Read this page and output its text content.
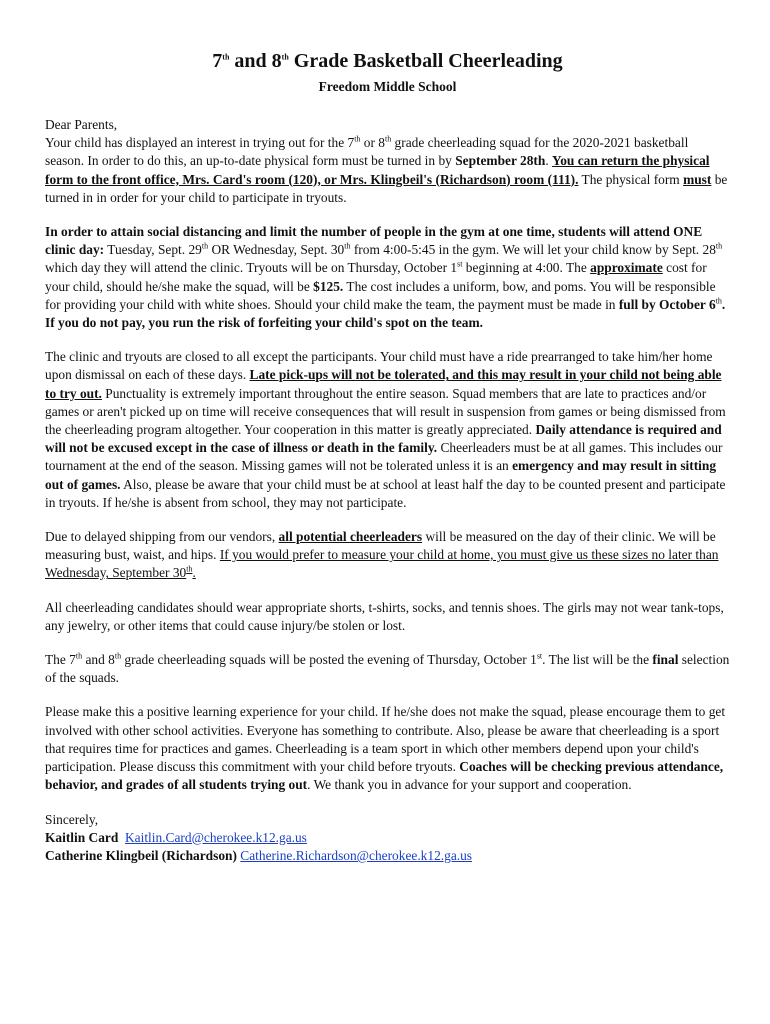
7th and 8th Grade Basketball Cheerleading
Freedom Middle School

Dear Parents,

Your child has displayed an interest in trying out for the 7th or 8th grade cheerleading squad for the 2020-2021 basketball season. In order to do this, an up-to-date physical form must be turned in by September 28th. You can return the physical form to the front office, Mrs. Card's room (120), or Mrs. Klingbeil's (Richardson) room (111). The physical form must be turned in in order for your child to participate in tryouts.

In order to attain social distancing and limit the number of people in the gym at one time, students will attend ONE clinic day: Tuesday, Sept. 29th OR Wednesday, Sept. 30th from 4:00-5:45 in the gym. We will let your child know by Sept. 28th which day they will attend the clinic. Tryouts will be on Thursday, October 1st beginning at 4:00. The approximate cost for your child, should he/she make the squad, will be $125. The cost includes a uniform, bow, and poms. You will be responsible for providing your child with white shoes. Should your child make the team, the payment must be made in full by October 6th. If you do not pay, you run the risk of forfeiting your child's spot on the team.

The clinic and tryouts are closed to all except the participants. Your child must have a ride prearranged to take him/her home upon dismissal on each of these days. Late pick-ups will not be tolerated, and this may result in your child not being able to try out. Punctuality is extremely important throughout the entire season. Squad members that are late to practices and/or games or aren't picked up on time will receive consequences that will result in suspension from games or being dismissed from the cheerleading program altogether. Your cooperation in this matter is greatly appreciated. Daily attendance is required and will not be excused except in the case of illness or death in the family. Cheerleaders must be at all games. This includes our tournament at the end of the season. Missing games will not be tolerated unless it is an emergency and may result in sitting out of games. Also, please be aware that your child must be at school at least half the day to be counted present and participate in tryouts. If he/she is absent from school, they may not participate.

Due to delayed shipping from our vendors, all potential cheerleaders will be measured on the day of their clinic. We will be measuring bust, waist, and hips. If you would prefer to measure your child at home, you must give us these sizes no later than Wednesday, September 30th.

All cheerleading candidates should wear appropriate shorts, t-shirts, socks, and tennis shoes. The girls may not wear tank-tops, any jewelry, or other items that could cause injury/be stolen or lost.

The 7th and 8th grade cheerleading squads will be posted the evening of Thursday, October 1st. The list will be the final selection of the squads.

Please make this a positive learning experience for your child. If he/she does not make the squad, please encourage them to get involved with other school activities. Everyone has something to contribute. Also, please be aware that cheerleading is a sport that requires time for practices and games. Cheerleading is a team sport in which other members depend upon your child's participation. Please discuss this commitment with your child before tryouts. Coaches will be checking previous attendance, behavior, and grades of all students trying out. We thank you in advance for your support and cooperation.

Sincerely,

Kaitlin Card Kaitlin.Card@cherokee.k12.ga.us
Catherine Klingbeil (Richardson) Catherine.Richardson@cherokee.k12.ga.us
